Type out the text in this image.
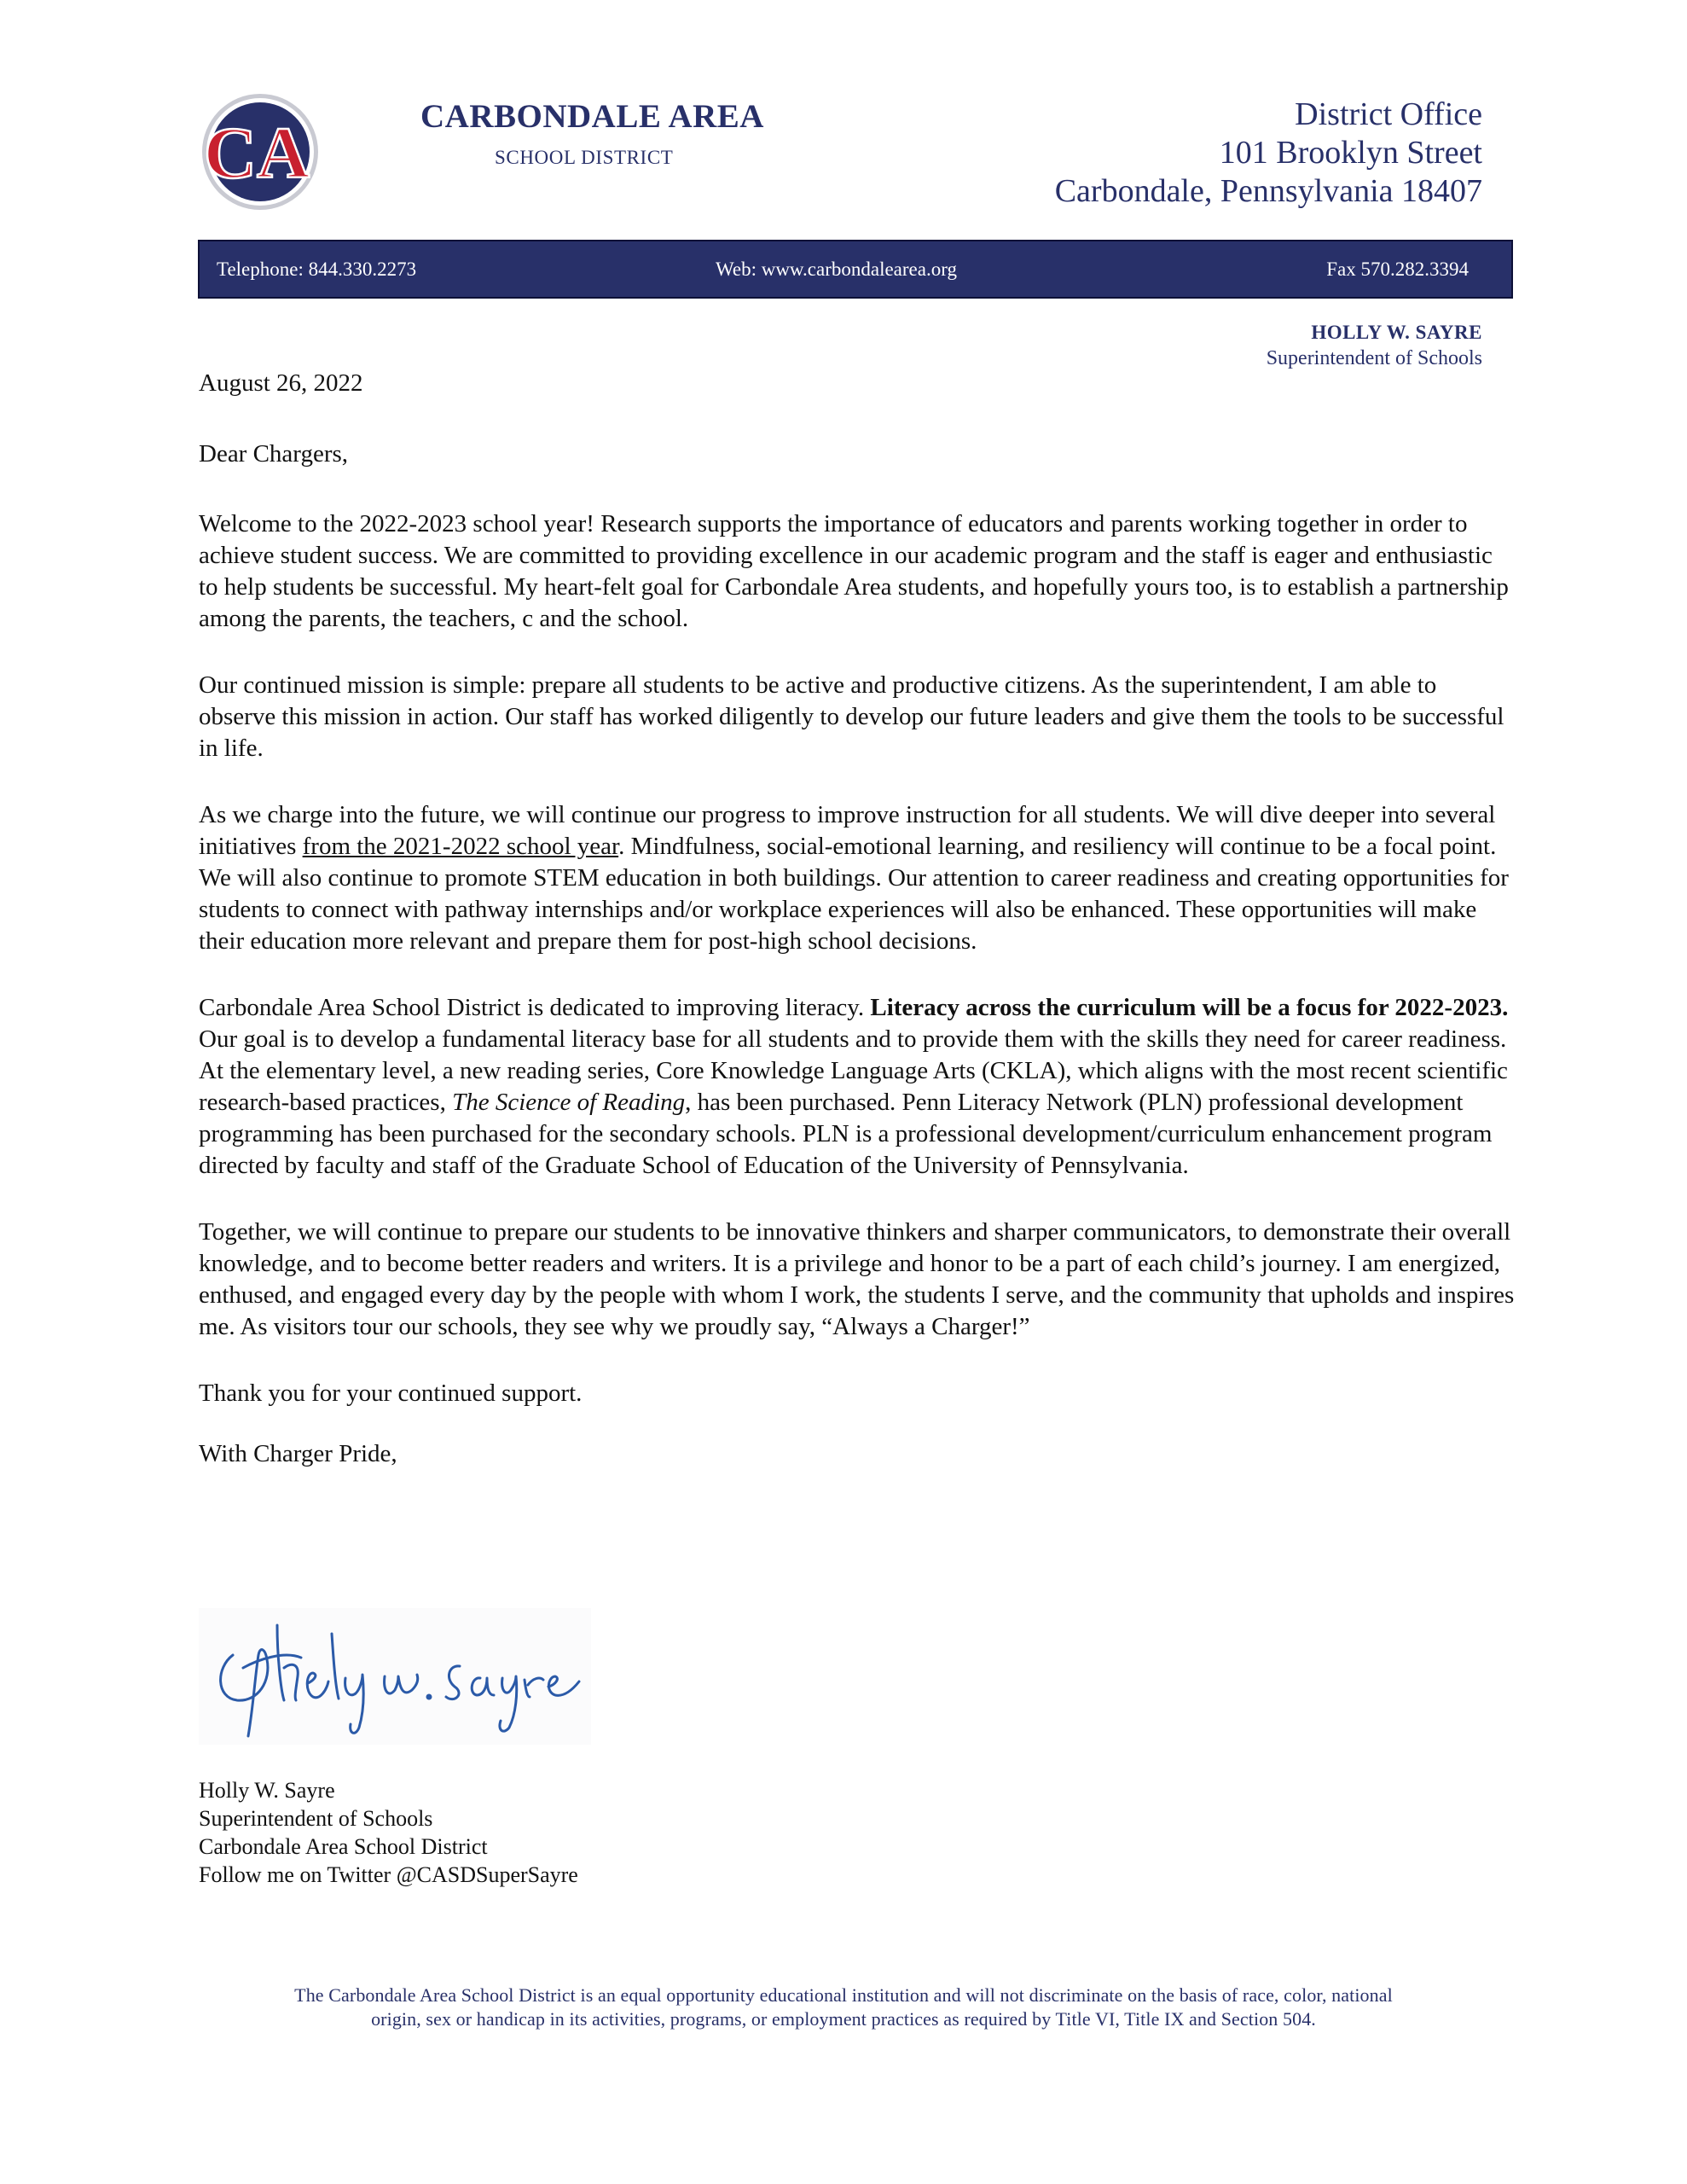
CA	CARBONDALE AREA
SCHOOL DISTRICT
District Office
101 Brooklyn Street
Carbondale, Pennsylvania 18407
Telephone: 844.330.2273	Web: www.carbondalearea.org	Fax 570.282.3394
HOLLY W. SAYRE
Superintendent of Schools
August 26, 2022
Dear Chargers,

Welcome to the 2022-2023 school year! Research supports the importance of educators and parents working together in order to achieve student success. We are committed to providing excellence in our academic program and the staff is eager and enthusiastic to help students be successful. My heart-felt goal for Carbondale Area students, and hopefully yours too, is to establish a partnership among the parents, the teachers, c and the school.

Our continued mission is simple: prepare all students to be active and productive citizens. As the superintendent, I am able to observe this mission in action. Our staff has worked diligently to develop our future leaders and give them the tools to be successful in life.

As we charge into the future, we will continue our progress to improve instruction for all students. We will dive deeper into several initiatives from the 2021-2022 school year. Mindfulness, social-emotional learning, and resiliency will continue to be a focal point. We will also continue to promote STEM education in both buildings. Our attention to career readiness and creating opportunities for students to connect with pathway internships and/or workplace experiences will also be enhanced. These opportunities will make their education more relevant and prepare them for post-high school decisions.

Carbondale Area School District is dedicated to improving literacy. Literacy across the curriculum will be a focus for 2022-2023. Our goal is to develop a fundamental literacy base for all students and to provide them with the skills they need for career readiness. At the elementary level, a new reading series, Core Knowledge Language Arts (CKLA), which aligns with the most recent scientific research-based practices, The Science of Reading, has been purchased. Penn Literacy Network (PLN) professional development programming has been purchased for the secondary schools. PLN is a professional development/curriculum enhancement program directed by faculty and staff of the Graduate School of Education of the University of Pennsylvania.

Together, we will continue to prepare our students to be innovative thinkers and sharper communicators, to demonstrate their overall knowledge, and to become better readers and writers. It is a privilege and honor to be a part of each child’s journey. I am energized, enthused, and engaged every day by the people with whom I work, the students I serve, and the community that upholds and inspires me. As visitors tour our schools, they see why we proudly say, “Always a Charger!”

Thank you for your continued support.

With Charger Pride,

Holly W. Sayre
Superintendent of Schools
Carbondale Area School District
Follow me on Twitter @CASDSuperSayre
The Carbondale Area School District is an equal opportunity educational institution and will not discriminate on the basis of race, color, national
origin, sex or handicap in its activities, programs, or employment practices as required by Title VI, Title IX and Section 504.
